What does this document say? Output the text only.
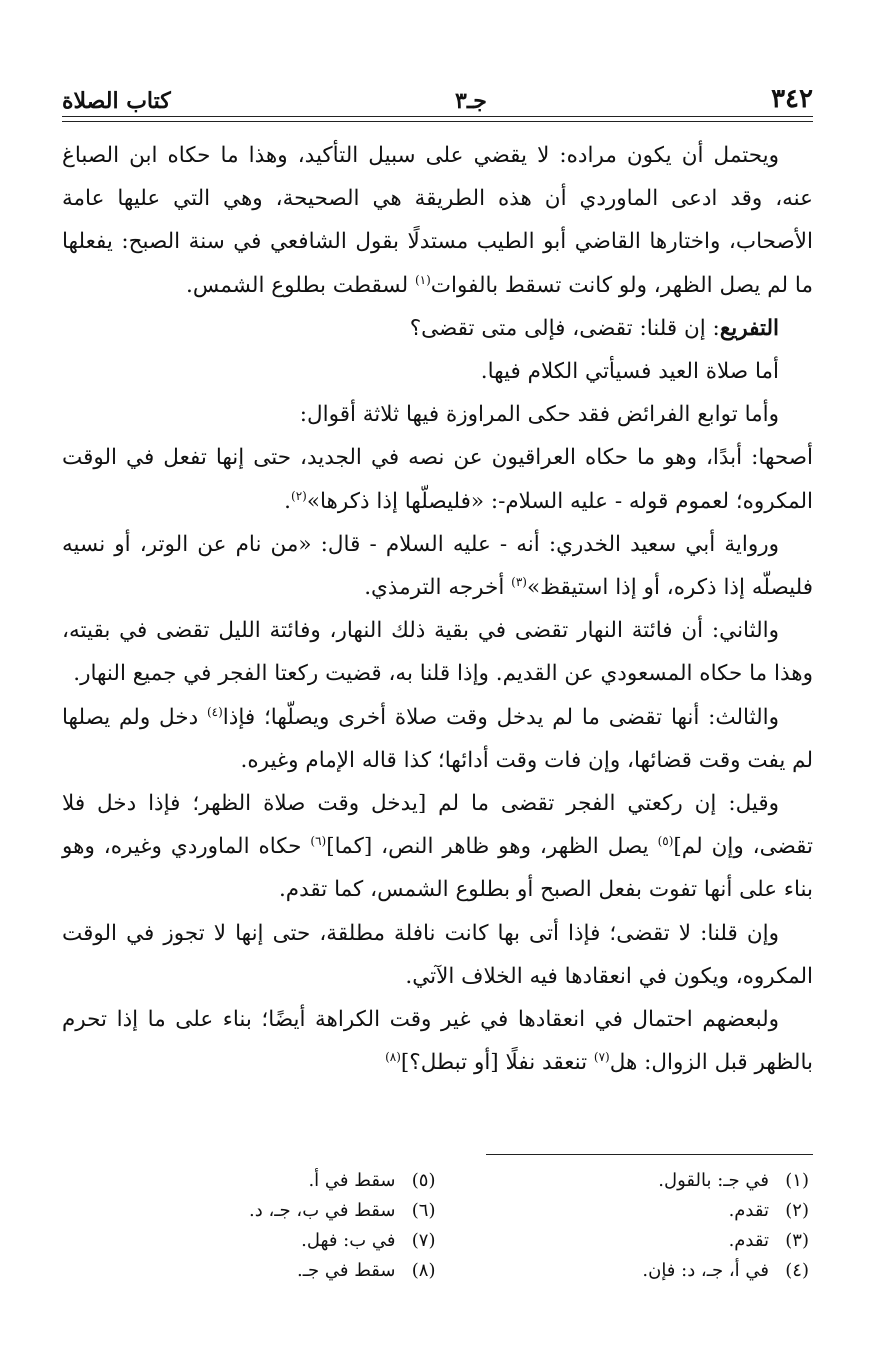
٣٤٢
جـ٣
كتاب الصلاة

ويحتمل أن يكون مراده: لا يقضي على سبيل التأكيد، وهذا ما حكاه ابن الصباغ عنه، وقد ادعى الماوردي أن هذه الطريقة هي الصحيحة، وهي التي عليها عامة الأصحاب، واختارها القاضي أبو الطيب مستدلًا بقول الشافعي في سنة الصبح: يفعلها ما لم يصل الظهر، ولو كانت تسقط بالفوات$^{(١)}$ لسقطت بطلوع الشمس.

التفريع: إن قلنا: تقضى، فإلى متى تقضى؟

أما صلاة العيد فسيأتي الكلام فيها.

وأما توابع الفرائض فقد حكى المراوزة فيها ثلاثة أقوال:

أصحها: أبدًا، وهو ما حكاه العراقيون عن نصه في الجديد، حتى إنها تفعل في الوقت المكروه؛ لعموم قوله - عليه السلام-: «فليصلّها إذا ذكرها»$^{(٢)}$.

ورواية أبي سعيد الخدري: أنه - عليه السلام - قال: «من نام عن الوتر، أو نسيه فليصلّه إذا ذكره، أو إذا استيقظ»$^{(٣)}$ أخرجه الترمذي.

والثاني: أن فائتة النهار تقضى في بقية ذلك النهار، وفائتة الليل تقضى في بقيته، وهذا ما حكاه المسعودي عن القديم. وإذا قلنا به، قضيت ركعتا الفجر في جميع النهار.

والثالث: أنها تقضى ما لم يدخل وقت صلاة أخرى ويصلّها؛ فإذا$^{(٤)}$ دخل ولم يصلها لم يفت وقت قضائها، وإن فات وقت أدائها؛ كذا قاله الإمام وغيره.

وقيل: إن ركعتي الفجر تقضى ما لم [يدخل وقت صلاة الظهر؛ فإذا دخل فلا تقضى، وإن لم]$^{(٥)}$ يصل الظهر، وهو ظاهر النص، [كما]$^{(٦)}$ حكاه الماوردي وغيره، وهو بناء على أنها تفوت بفعل الصبح أو بطلوع الشمس، كما تقدم.

وإن قلنا: لا تقضى؛ فإذا أتى بها كانت نافلة مطلقة، حتى إنها لا تجوز في الوقت المكروه، ويكون في انعقادها فيه الخلاف الآتي.

ولبعضهم احتمال في انعقادها في غير وقت الكراهة أيضًا؛ بناء على ما إذا تحرم بالظهر قبل الزوال: هل$^{(٧)}$ تنعقد نفلًا [أو تبطل؟]$^{(٨)}$

(١)
في جـ: بالقول.
(٢)
تقدم.
(٣)
تقدم.
(٤)
في أ، جـ، د: فإن.
(٥)
سقط في أ.
(٦)
سقط في ب، جـ، د.
(٧)
في ب: فهل.
(٨)
سقط في جـ.
